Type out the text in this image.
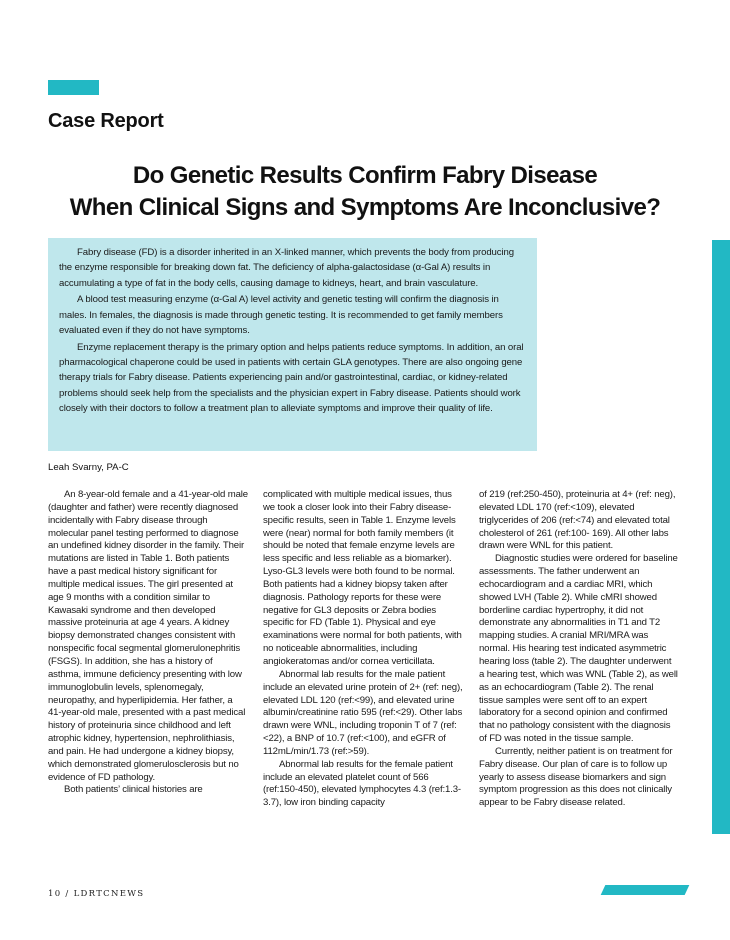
Case Report
Do Genetic Results Confirm Fabry Disease
When Clinical Signs and Symptoms Are Inconclusive?

Fabry disease (FD) is a disorder inherited in an X-linked manner, which prevents the body from producing the enzyme responsible for breaking down fat. The deficiency of alpha-galactosidase (α-Gal A) results in accumulating a type of fat in the body cells, causing damage to kidneys, heart, and brain vasculature.

A blood test measuring enzyme (α-Gal A) level activity and genetic testing will confirm the diagnosis in males. In females, the diagnosis is made through genetic testing. It is recommended to get family members evaluated even if they do not have symptoms.

Enzyme replacement therapy is the primary option and helps patients reduce symptoms. In addition, an oral pharmacological chaperone could be used in patients with certain GLA genotypes. There are also ongoing gene therapy trials for Fabry disease. Patients experiencing pain and/or gastrointestinal, cardiac, or kidney-related problems should seek help from the specialists and the physician expert in Fabry disease. Patients should work closely with their doctors to follow a treatment plan to alleviate symptoms and improve their quality of life.

Leah Svarny, PA-C

An 8-year-old female and a 41-year-old male (daughter and father) were recently diagnosed incidentally with Fabry disease through molecular panel testing performed to diagnose an undefined kidney disorder in the family. Their mutations are listed in Table 1. Both patients have a past medical history significant for multiple medical issues. The girl presented at age 9 months with a condition similar to Kawasaki syndrome and then developed massive proteinuria at age 4 years. A kidney biopsy demonstrated changes consistent with nonspecific focal segmental glomerulonephritis (FSGS). In addition, she has a history of asthma, immune deficiency presenting with low immunoglobulin levels, splenomegaly, neuropathy, and hyperlipidemia. Her father, a 41-year-old male, presented with a past medical history of proteinuria since childhood and left atrophic kidney, hypertension, nephrolithiasis, and pain. He had undergone a kidney biopsy, which demonstrated glomerulosclerosis but no evidence of FD pathology.

Both patients’ clinical histories are

complicated with multiple medical issues, thus we took a closer look into their Fabry disease-specific results, seen in Table 1. Enzyme levels were (near) normal for both family members (it should be noted that female enzyme levels are less specific and less reliable as a biomarker). Lyso-GL3 levels were both found to be normal. Both patients had a kidney biopsy taken after diagnosis. Pathology reports for these were negative for GL3 deposits or Zebra bodies specific for FD (Table 1). Physical and eye examinations were normal for both patients, with no noticeable abnormalities, including angiokeratomas and/or cornea verticillata.

Abnormal lab results for the male patient include an elevated urine protein of 2+ (ref: neg), elevated LDL 120 (ref:<99), and elevated urine albumin/creatinine ratio 595 (ref:<29). Other labs drawn were WNL, including troponin T of 7 (ref:<22), a BNP of 10.7 (ref:<100), and eGFR of 112mL/min/1.73 (ref:>59).

Abnormal lab results for the female patient include an elevated platelet count of 566 (ref:150-450), elevated lymphocytes 4.3 (ref:1.3-3.7), low iron binding capacity

of 219 (ref:250-450), proteinuria at 4+ (ref: neg), elevated LDL 170 (ref:<109), elevated triglycerides of 206 (ref:<74) and elevated total cholesterol of 261 (ref:100- 169). All other labs drawn were WNL for this patient.

Diagnostic studies were ordered for baseline assessments. The father underwent an echocardiogram and a cardiac MRI, which showed LVH (Table 2). While cMRI showed borderline cardiac hypertrophy, it did not demonstrate any abnormalities in T1 and T2 mapping studies. A cranial MRI/MRA was normal. His hearing test indicated asymmetric hearing loss (table 2). The daughter underwent a hearing test, which was WNL (Table 2), as well as an echocardiogram (Table 2). The renal tissue samples were sent off to an expert laboratory for a second opinion and confirmed that no pathology consistent with the diagnosis of FD was noted in the tissue sample.

Currently, neither patient is on treatment for Fabry disease. Our plan of care is to follow up yearly to assess disease biomarkers and sign symptom progression as this does not clinically appear to be Fabry disease related.

10 / LDRTCNEWS
